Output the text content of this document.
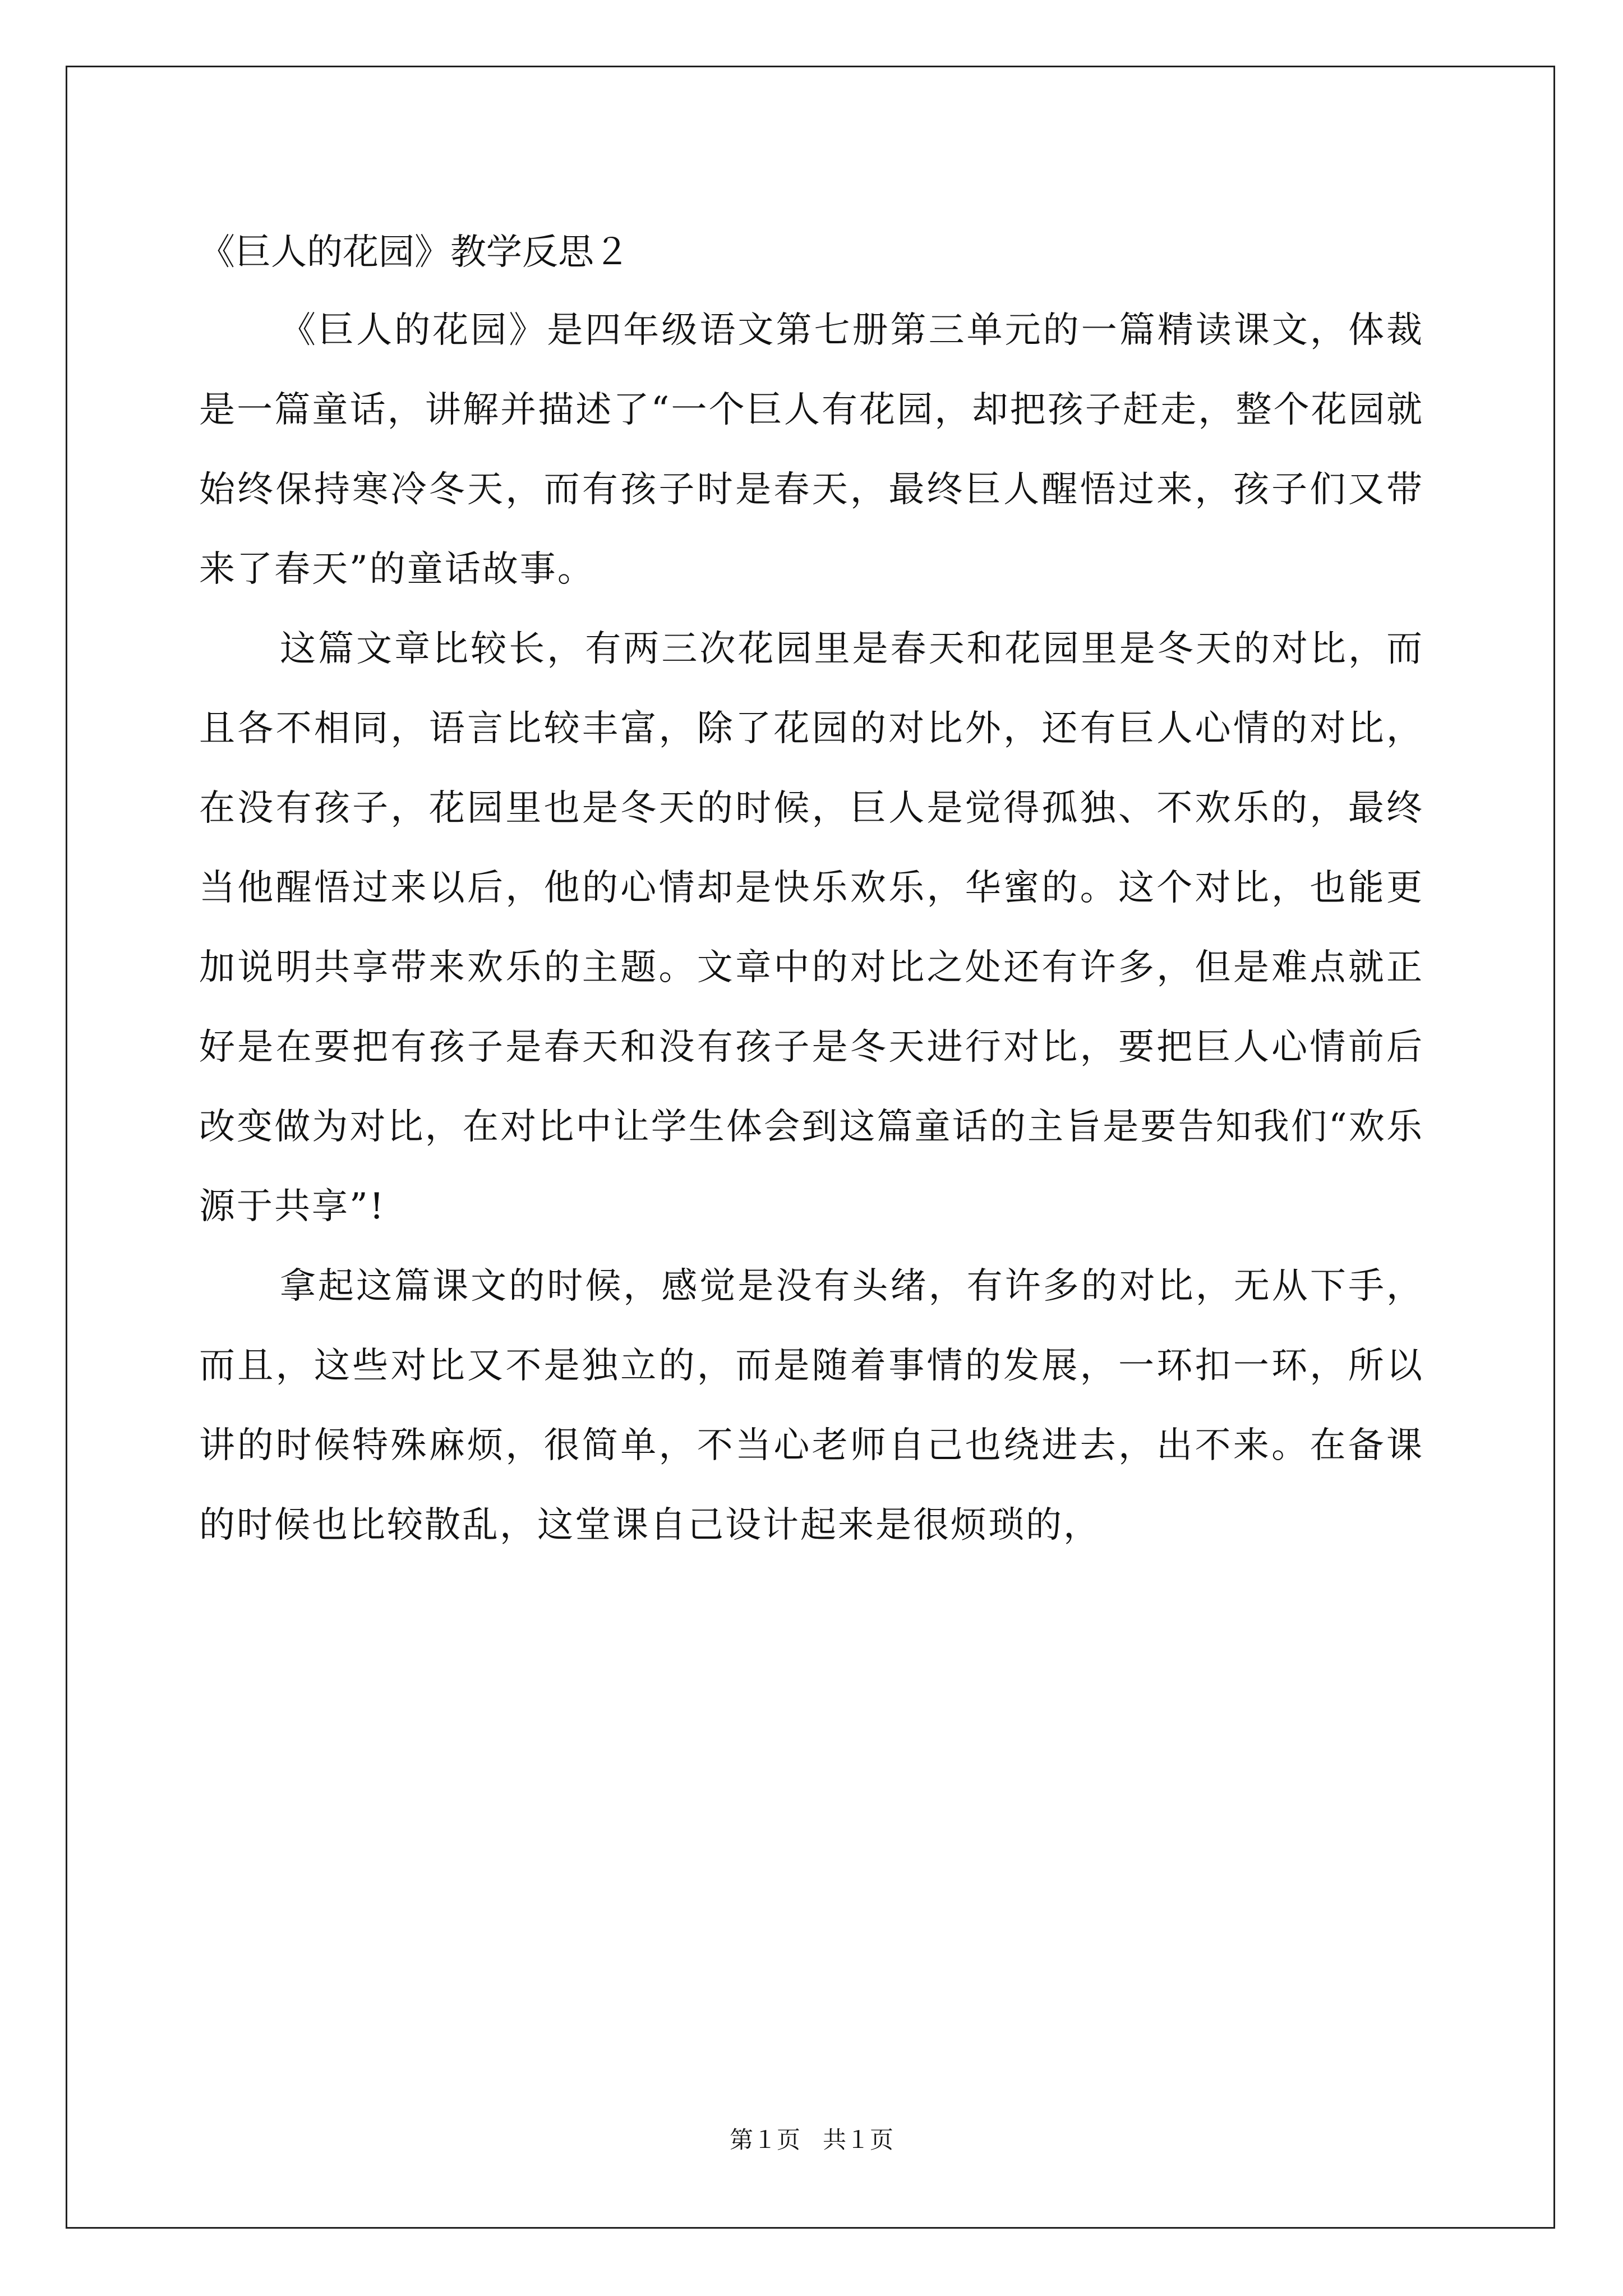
《巨人的花园》教学反思２

《巨人的花园》是四年级语文第七册第三单元的一篇精读课文，体裁是一篇童话，讲解并描述了“一个巨人有花园，却把孩子赶走，整个花园就始终保持寒冷冬天，而有孩子时是春天，最终巨人醒悟过来，孩子们又带来了春天”的童话故事。

这篇文章比较长，有两三次花园里是春天和花园里是冬天的对比，而且各不相同，语言比较丰富，除了花园的对比外，还有巨人心情的对比，在没有孩子，花园里也是冬天的时候，巨人是觉得孤独、不欢乐的，最终当他醒悟过来以后，他的心情却是快乐欢乐，华蜜的。这个对比，也能更加说明共享带来欢乐的主题。文章中的对比之处还有许多，但是难点就正好是在要把有孩子是春天和没有孩子是冬天进行对比，要把巨人心情前后改变做为对比，在对比中让学生体会到这篇童话的主旨是要告知我们“欢乐源于共享”!

拿起这篇课文的时候，感觉是没有头绪，有许多的对比，无从下手，而且，这些对比又不是独立的，而是随着事情的发展，一环扣一环，所以讲的时候特殊麻烦，很简单，不当心老师自己也绕进去，出不来。在备课的时候也比较散乱，这堂课自己设计起来是很烦琐的，

第１页   共１页
